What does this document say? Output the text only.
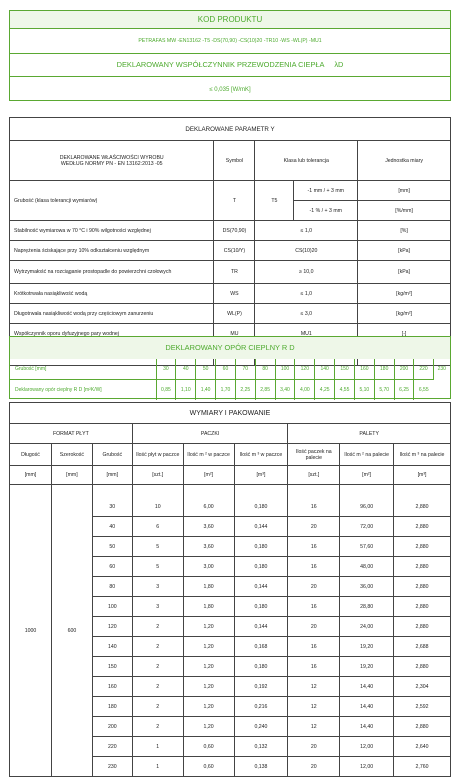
KOD PRODUKTU
PETRAFAS MW -EN13162 -T5 -DS(70,90) -CS(10)20 -TR10 -WS -WL(P) -MU1
DEKLAROWANY WSPÓŁCZYNNIK PRZEWODZENIA CIEPŁA λD
≤ 0,035 [W/mK]
DEKLAROWANE PARAMETR Y				
DEKLAROWANE WŁAŚCIWOŚCI WYROBU
WEDŁUG NORMY PN - EN 13162:2013 -05	Symbol	Klasa lub tolerancja		Jednostka miary
Grubość (klasa tolerancji wymiarów)	T	T5	-1 mm / + 3 mm	[mm]
			-1 % / + 3 mm	[%/mm]
Stabilność wymiarowa w 70 °C i 90% wilgotności względnej	DS(70,90)	≤ 1,0		[%]
Naprężenia ściskające przy 10% odkształceniu względnym	CS(10/Y)	CS(10)20		[kPa]
Wytrzymałość na rozciąganie prostopadle do powierzchni czołowych	TR	≥ 10,0		[kPa]
Krótkotrwała nasiąkliwość wodą	WS	≤ 1,0		[kg/m²]
Długotrwała nasiąkliwość wodą przy częściowym zanurzeniu	WL(P)	≤ 3,0		[kg/m²]
Współczynnik oporu dyfuzyjnego pary wodnej	MU	MU1		[-]

DEKLAROWANY OPÓR CIEPLNY R D
Grubość [mm]	30	40	50	60	70	80	100	120	140	150	160	180	200	220	230
Deklarowany opór cieplny R D [m²K/W]	0,85	1,10	1,40	1,70	2,25	2,85	3,40	4,00	4,25	4,55	5,10	5,70	6,25	6,55	
WYMIARY I PAKOWANIE								
FORMAT PŁYT			PACZKI			PALETY		
Długość	Szerokość	Grubość	Ilość płyt w paczce	Ilość m ² w paczce	Ilość m ³ w paczce	Ilość paczek na palecie	Ilość m ² na palecie	Ilość m ³ na palecie
[mm]	[mm]	[mm]	[szt.]	[m²]	[m³]	[szt.]	[m²]	[m³]
1000	600	30	10	6,00	0,180	16	96,00	2,880
		40	6	3,60	0,144	20	72,00	2,880
		50	5	3,60	0,180	16	57,60	2,880
		60	5	3,00	0,180	16	48,00	2,880
		80	3	1,80	0,144	20	36,00	2,880
		100	3	1,80	0,180	16	28,80	2,880
		120	2	1,20	0,144	20	24,00	2,880
		140	2	1,20	0,168	16	19,20	2,688
		150	2	1,20	0,180	16	19,20	2,880
		160	2	1,20	0,192	12	14,40	2,304
		180	2	1,20	0,216	12	14,40	2,592
		200	2	1,20	0,240	12	14,40	2,880
		220	1	0,60	0,132	20	12,00	2,640
		230	1	0,60	0,138	20	12,00	2,760
